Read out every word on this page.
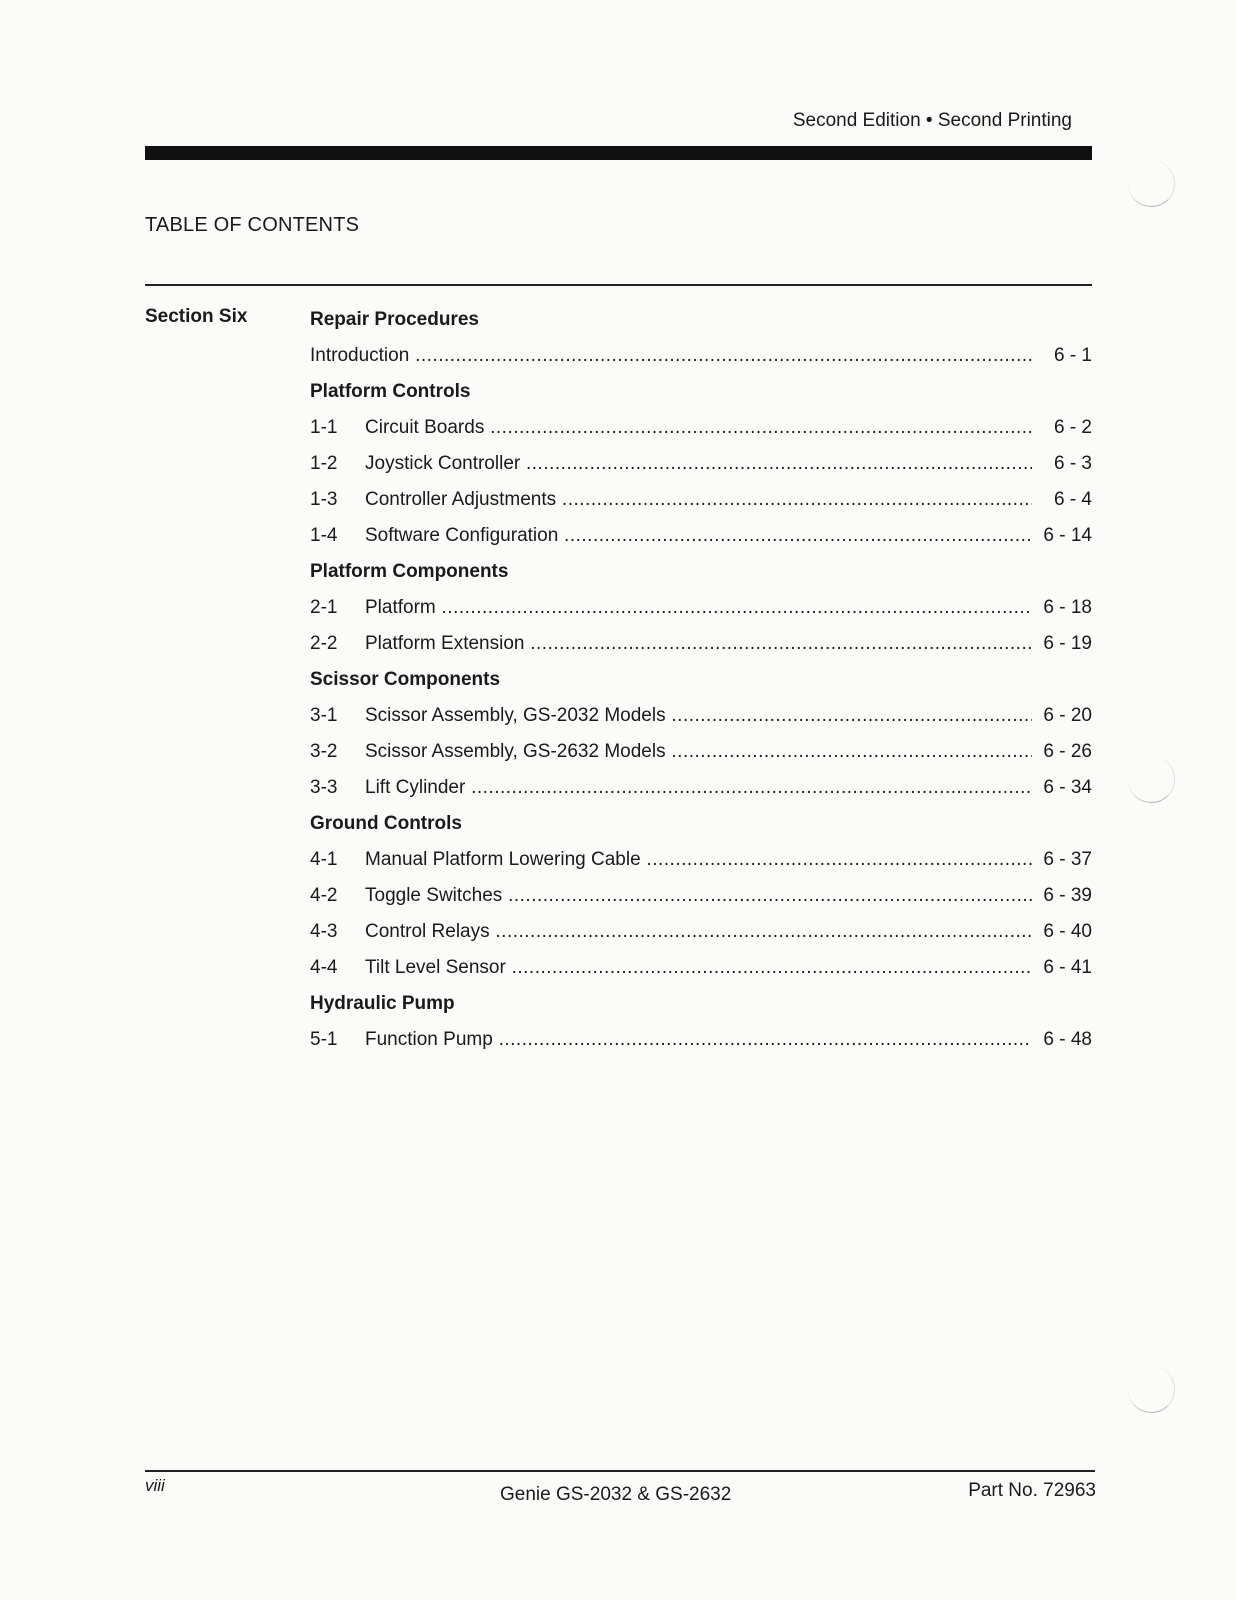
Second Edition • Second Printing
TABLE OF CONTENTS
Section Six	Repair Procedures
Introduction .....	6 - 1
Platform Controls
1-1 Circuit Boards .....	6 - 2
1-2 Joystick Controller .....	6 - 3
1-3 Controller Adjustments .....	6 - 4
1-4 Software Configuration .....	6 - 14
Platform Components
2-1 Platform .....	6 - 18
2-2 Platform Extension .....	6 - 19
Scissor Components
3-1 Scissor Assembly, GS-2032 Models .....	6 - 20
3-2 Scissor Assembly, GS-2632 Models .....	6 - 26
3-3 Lift Cylinder .....	6 - 34
Ground Controls
4-1 Manual Platform Lowering Cable .....	6 - 37
4-2 Toggle Switches .....	6 - 39
4-3 Control Relays .....	6 - 40
4-4 Tilt Level Sensor .....	6 - 41
Hydraulic Pump
5-1 Function Pump .....	6 - 48
viii	Genie GS-2032 & GS-2632	Part No. 72963
